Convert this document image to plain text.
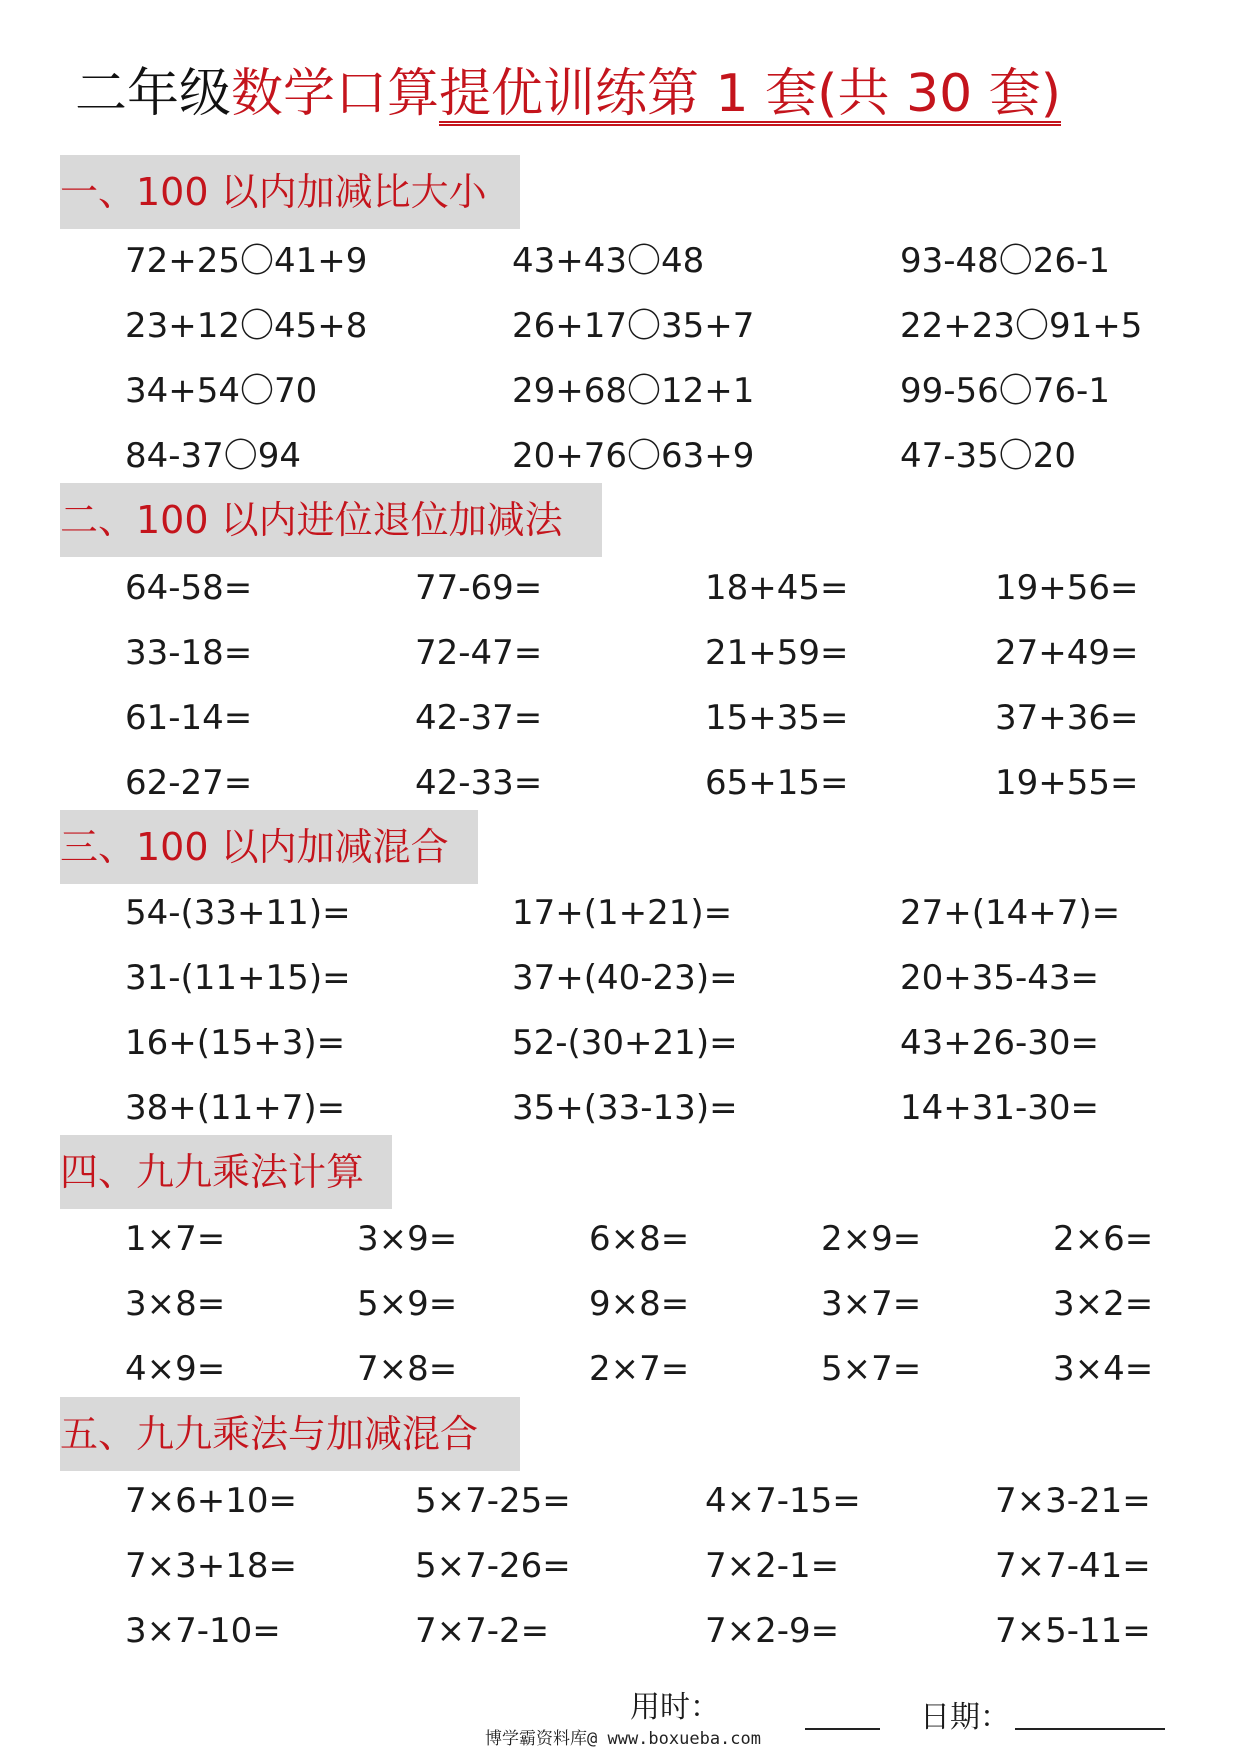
二年级数学口算提优训练第 1 套(共 30 套)
一、100 以内加减比大小
72+25〇41+9	43+43〇48	93-48〇26-1
23+12〇45+8	26+17〇35+7	22+23〇91+5
34+54〇70	29+68〇12+1	99-56〇76-1
84-37〇94	20+76〇63+9	47-35〇20
二、100 以内进位退位加减法
64-58=	77-69=	18+45=	19+56=
33-18=	72-47=	21+59=	27+49=
61-14=	42-37=	15+35=	37+36=
62-27=	42-33=	65+15=	19+55=
三、100 以内加减混合
54-(33+11)=	17+(1+21)=	27+(14+7)=
31-(11+15)=	37+(40-23)=	20+35-43=
16+(15+3)=	52-(30+21)=	43+26-30=
38+(11+7)=	35+(33-13)=	14+31-30=
四、九九乘法计算
1×7=	3×9=	6×8=	2×9=	2×6=
3×8=	5×9=	9×8=	3×7=	3×2=
4×9=	7×8=	2×7=	5×7=	3×4=
五、九九乘法与加减混合
7×6+10=	5×7-25=	4×7-15=	7×3-21=
7×3+18=	5×7-26=	7×2-1=	7×7-41=
3×7-10=	7×7-2=	7×2-9=	7×5-11=
用时：	日期：
博学霸资料库@ www.boxueba.com
